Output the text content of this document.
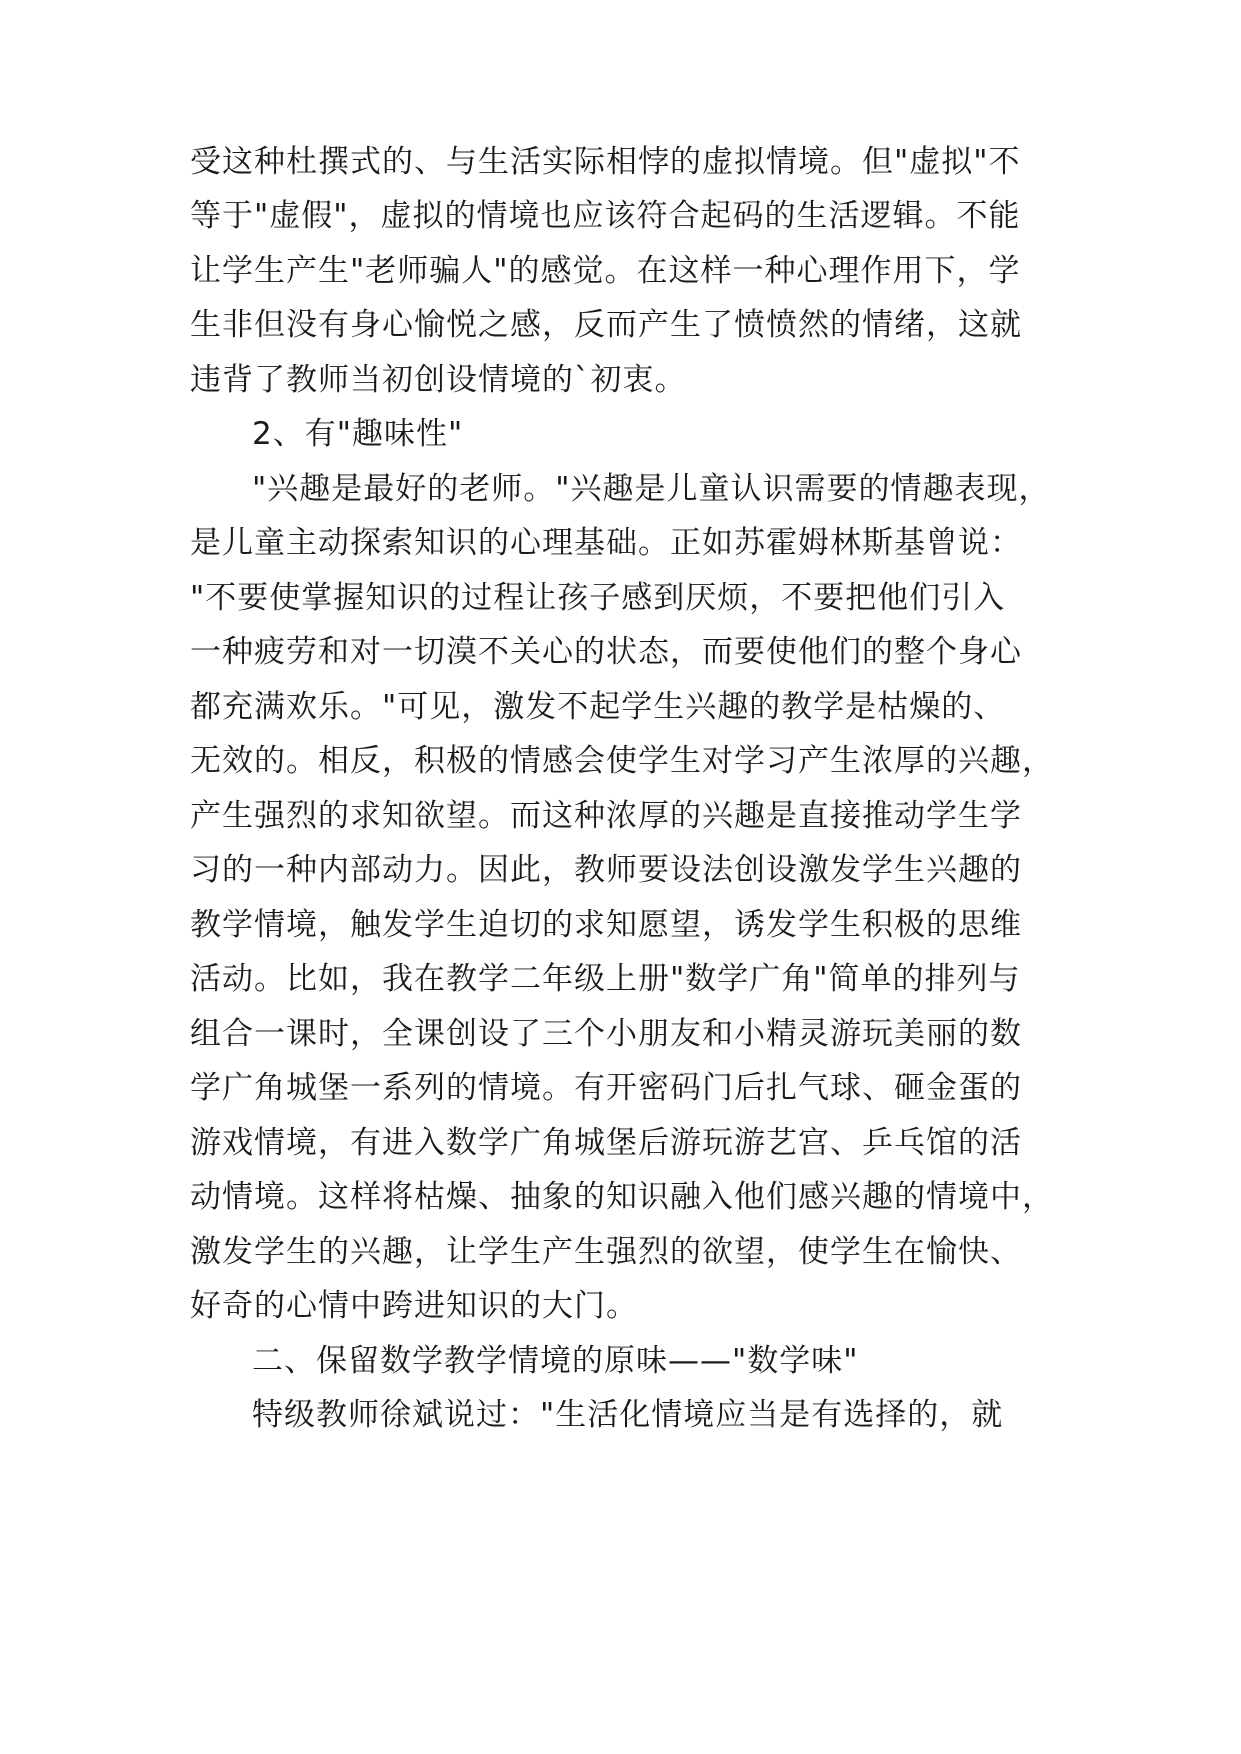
受这种杜撰式的、与生活实际相悖的虚拟情境。但"虚拟"不
等于"虚假"，虚拟的情境也应该符合起码的生活逻辑。不能
让学生产生"老师骗人"的感觉。在这样一种心理作用下，学
生非但没有身心愉悦之感，反而产生了愤愤然的情绪，这就
违背了教师当初创设情境的`初衷。
2、有"趣味性"
"兴趣是最好的老师。"兴趣是儿童认识需要的情趣表现，
是儿童主动探索知识的心理基础。正如苏霍姆林斯基曾说：
"不要使掌握知识的过程让孩子感到厌烦，不要把他们引入
一种疲劳和对一切漠不关心的状态，而要使他们的整个身心
都充满欢乐。"可见，激发不起学生兴趣的教学是枯燥的、
无效的。相反，积极的情感会使学生对学习产生浓厚的兴趣，
产生强烈的求知欲望。而这种浓厚的兴趣是直接推动学生学
习的一种内部动力。因此，教师要设法创设激发学生兴趣的
教学情境，触发学生迫切的求知愿望，诱发学生积极的思维
活动。比如，我在教学二年级上册"数学广角"简单的排列与
组合一课时，全课创设了三个小朋友和小精灵游玩美丽的数
学广角城堡一系列的情境。有开密码门后扎气球、砸金蛋的
游戏情境，有进入数学广角城堡后游玩游艺宫、乒乓馆的活
动情境。这样将枯燥、抽象的知识融入他们感兴趣的情境中，
激发学生的兴趣，让学生产生强烈的欲望，使学生在愉快、
好奇的心情中跨进知识的大门。
二、保留数学教学情境的原味——"数学味"
特级教师徐斌说过："生活化情境应当是有选择的，就
